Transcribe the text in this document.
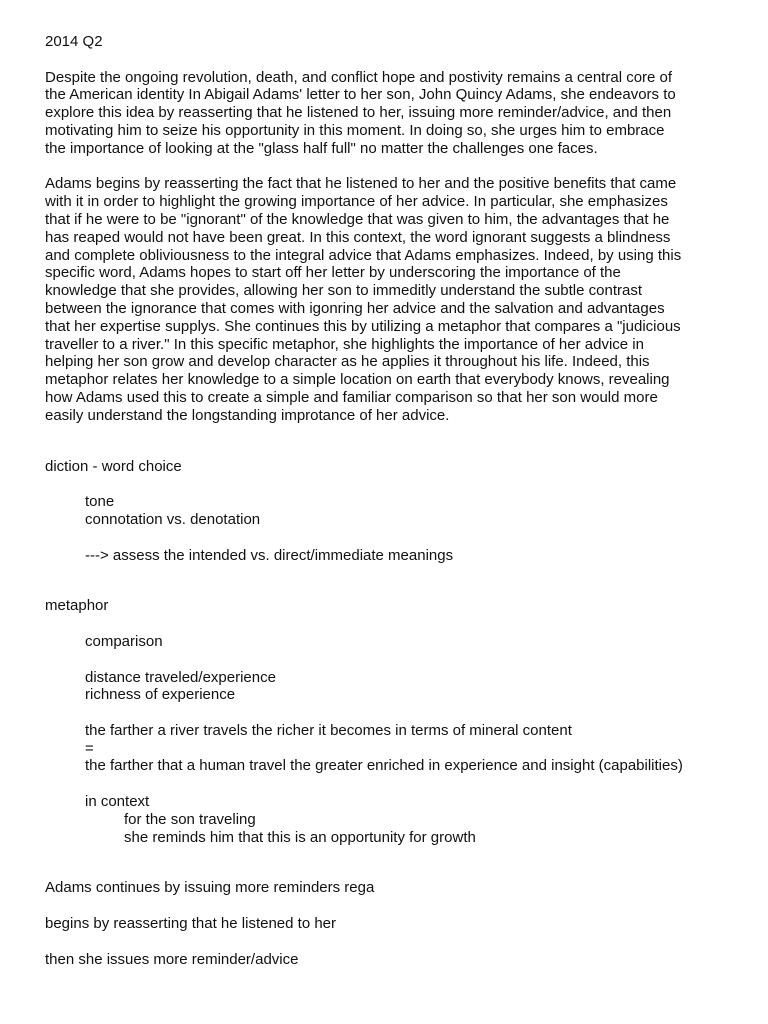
2014 Q2
Despite the ongoing revolution, death, and conflict hope and postivity remains a central core of
the American identity In Abigail Adams' letter to her son, John Quincy Adams, she endeavors to
explore this idea by reasserting that he listened to her, issuing more reminder/advice, and then
motivating him to seize his opportunity in this moment. In doing so, she urges him to embrace
the importance of looking at the "glass half full" no matter the challenges one faces.
Adams begins by reasserting the fact that he listened to her and the positive benefits that came
with it in order to highlight the growing importance of her advice. In particular, she emphasizes
that if he were to be "ignorant" of the knowledge that was given to him, the advantages that he
has reaped would not have been great. In this context, the word ignorant suggests a blindness
and complete obliviousness to the integral advice that Adams emphasizes. Indeed, by using this
specific word, Adams hopes to start off her letter by underscoring the importance of the
knowledge that she provides, allowing her son to immeditly understand the subtle contrast
between the ignorance that comes with igonring her advice and the salvation and advantages
that her expertise supplys. She continues this by utilizing a metaphor that compares a "judicious
traveller to a river." In this specific metaphor, she highlights the importance of her advice in
helping her son grow and develop character as he applies it throughout his life. Indeed, this
metaphor relates her knowledge to a simple location on earth that everybody knows, revealing
how Adams used this to create a simple and familiar comparison so that her son would more
easily understand the longstanding improtance of her advice.
diction - word choice
tone
connotation vs. denotation
---> assess the intended vs. direct/immediate meanings
metaphor
comparison
distance traveled/experience
richness of experience
the farther a river travels the richer it becomes in terms of mineral content
=
the farther that a human travel the greater enriched in experience and insight (capabilities)
in context
for the son traveling
she reminds him that this is an opportunity for growth
Adams continues by issuing more reminders rega
begins by reasserting that he listened to her
then she issues more reminder/advice
